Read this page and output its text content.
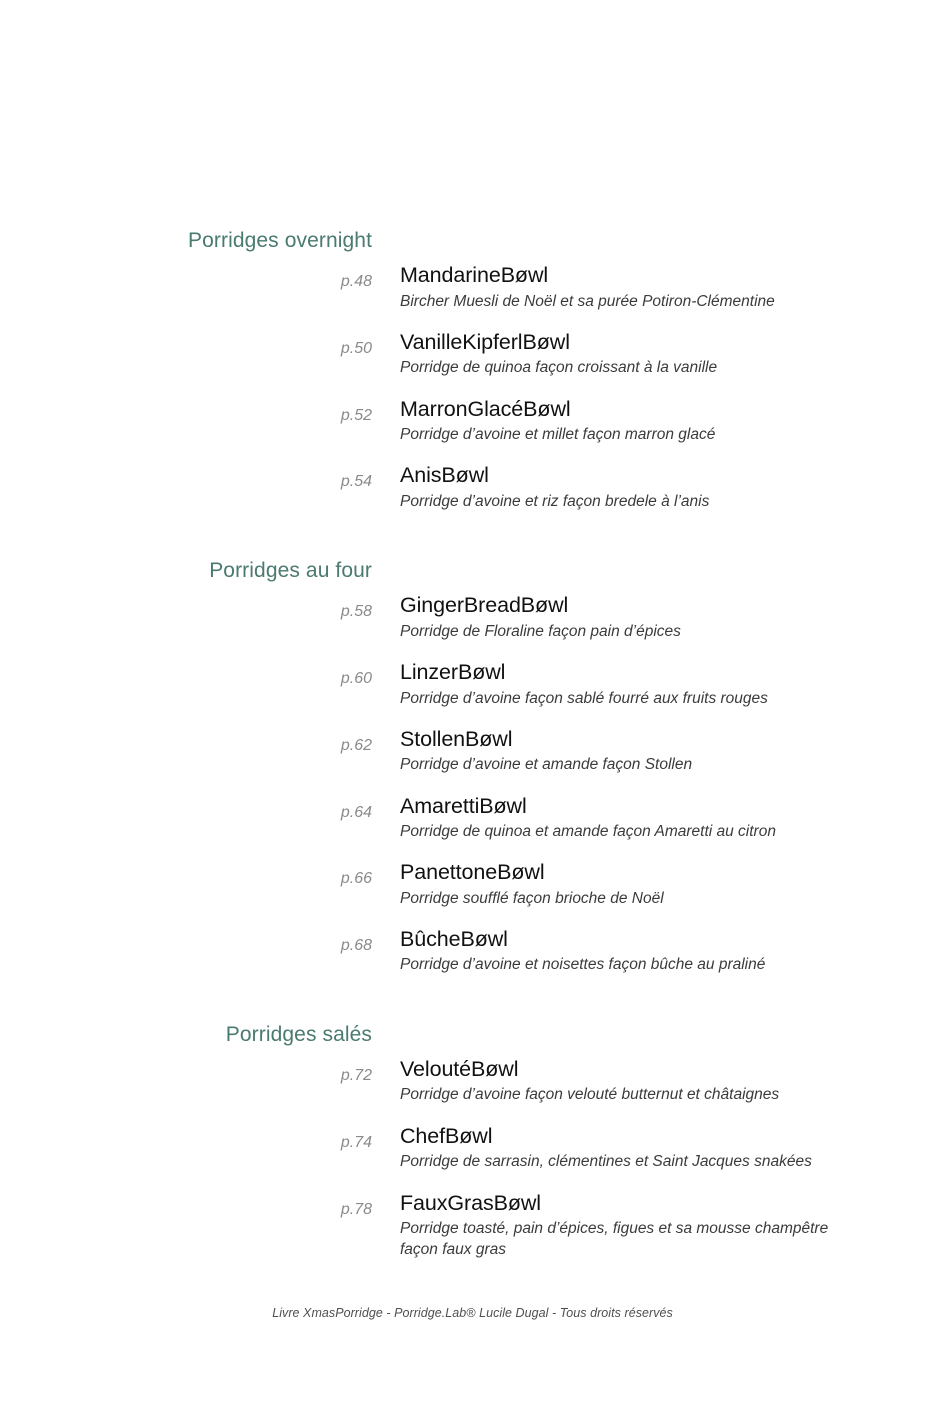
Porridges overnight
p.48 MandarineBøwl
Bircher Muesli de Noël et sa purée Potiron-Clémentine
p.50 VanilleKipferlBøwl
Porridge de quinoa façon croissant à la vanille
p.52 MarronGlacéBøwl
Porridge d’avoine et millet façon marron glacé
p.54 AnisBøwl
Porridge d’avoine et riz façon bredele à l’anis
Porridges au four
p.58 GingerBreadBøwl
Porridge de Floraline façon pain d’épices
p.60 LinzerBøwl
Porridge d’avoine façon sablé fourré aux fruits rouges
p.62 StollenBøwl
Porridge d’avoine et amande façon Stollen
p.64 AmarettiBøwl
Porridge de quinoa et amande façon Amaretti au citron
p.66 PanettoneBøwl
Porridge soufflé façon brioche de Noël
p.68 BûcheBøwl
Porridge d’avoine et noisettes façon bûche au praliné
Porridges salés
p.72 VeloutéBøwl
Porridge d’avoine façon velouté butternut et châtaignes
p.74 ChefBøwl
Porridge de sarrasin, clémentines et Saint Jacques snakées
p.78 FauxGrasBøwl
Porridge toasté, pain d’épices, figues et sa mousse champêtre façon faux gras
Livre XmasPorridge - Porridge.Lab® Lucile Dugal - Tous droits réservés
